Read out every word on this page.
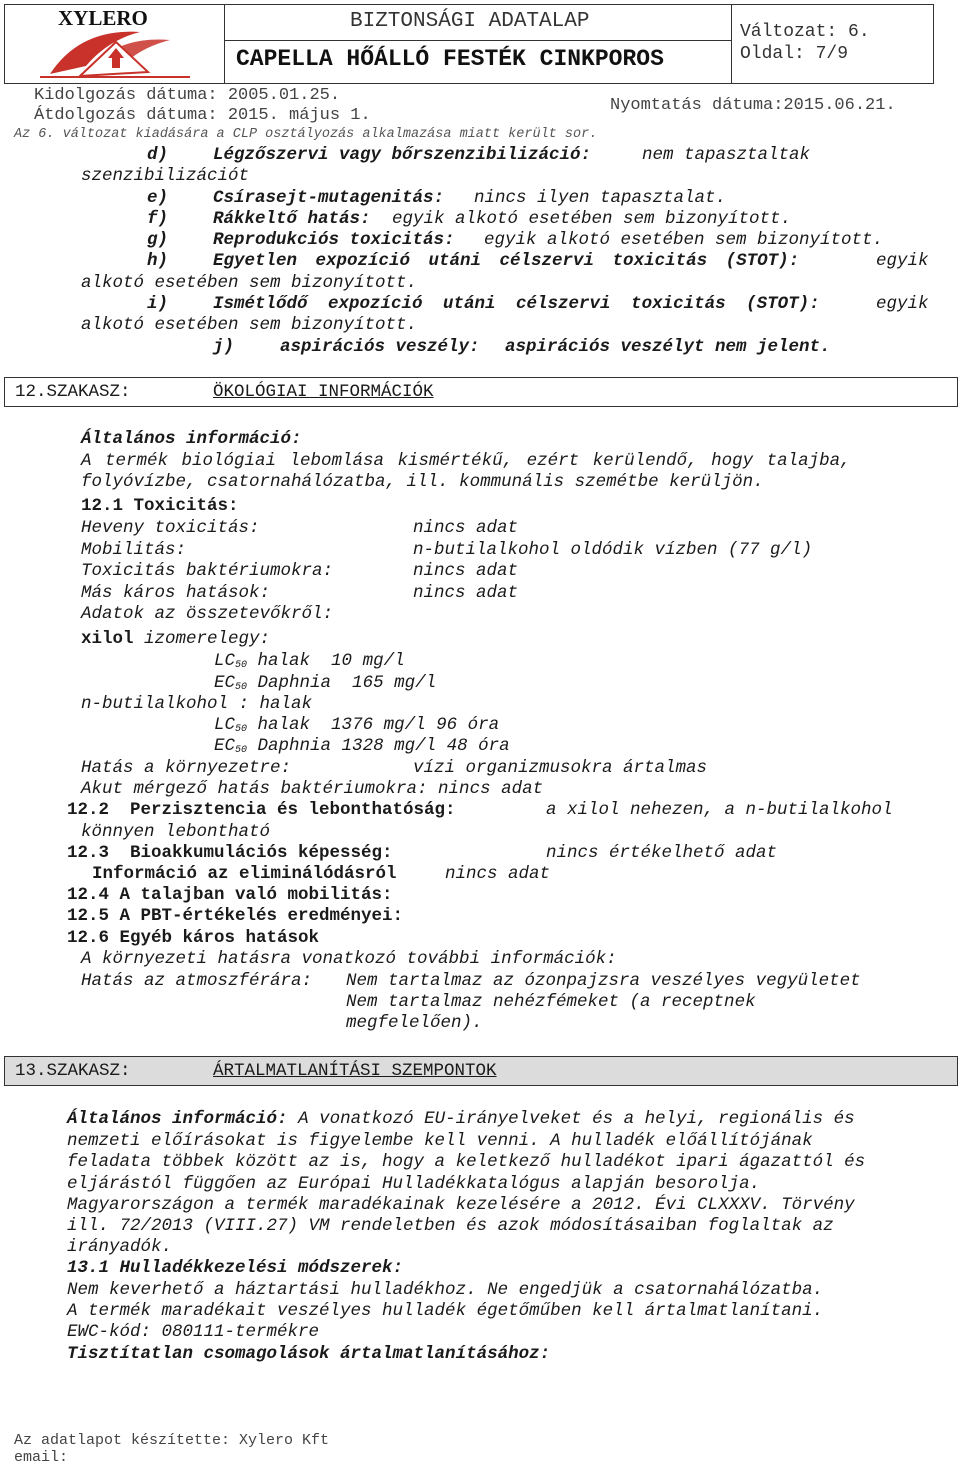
XYLERO	BIZTONSÁGI ADATALAP
CAPELLA HŐÁLLÓ FESTÉK CINKPOROS
Változat: 6.
Oldal: 7/9
Kidolgozás dátuma: 2005.01.25.
Átdolgozás dátuma: 2015. május 1.
Nyomtatás dátuma:2015.06.21.
Az 6. változat kiadására a CLP osztályozás alkalmazása miatt került sor.

d)

	Légzőszervi vagy bőrszenzibilizáció:

	nem tapasztaltak

szenzibilizációt

e)

	Csírasejt-mutagenitás:

nincs ilyen tapasztalat.

f)

	Rákkeltő hatás:

egyik alkotó esetében sem bizonyított.

g)

	Reprodukciós toxicitás:

egyik alkotó esetében sem bizonyított.

h)

	Egyetlen expozíció utáni célszervi toxicitás (STOT):

	egyik

alkotó esetében sem bizonyított.

i)

	Ismétlődő expozíció utáni célszervi toxicitás (STOT):

	egyik

alkotó esetében sem bizonyított.

j)

	aspirációs veszély:

aspirációs veszélyt nem jelent.

12.SZAKASZ:	ÖKOLÓGIAI INFORMÁCIÓK
Általános információ:
A termék biológiai lebomlása kismértékű, ezért kerülendő, hogy talajba,
folyóvízbe, csatornahálózatba, ill. kommunális szemétbe kerüljön.
12.1 Toxicitás:
Heveny toxicitás:	nincs adat
Mobilitás:	n-butilalkohol oldódik vízben (77 g/l)
Toxicitás baktériumokra:	nincs adat
Más káros hatások:	nincs adat
Adatok az összetevőkről:
xilol izomerelegy:
$LC_{50}$ halak  10 mg/l
$EC_{50}$ Daphnia  165 mg/l
n-butilalkohol : halak
$LC_{50}$ halak  1376 mg/l 96 óra
$EC_{50}$ Daphnia 1328 mg/l 48 óra
Hatás a környezetre:	vízi organizmusokra ártalmas
Akut mérgező hatás baktériumokra: nincs adat
12.2  Perzisztencia és lebonthatóság:	a xilol nehezen, a n-butilalkohol
könnyen lebontható
12.3  Bioakkumulációs képesség:	nincs értékelhető adat
Információ az eliminálódásról	nincs adat
12.4 A talajban való mobilitás:
12.5 A PBT-értékelés eredményei:
12.6 Egyéb káros hatások
A környezeti hatásra vonatkozó további információk:
Hatás az atmoszférára: Nem tartalmaz az ózonpajzsra veszélyes vegyületet
Nem tartalmaz nehézfémeket (a receptnek
megfelelően).
13.SZAKASZ:	ÁRTALMATLANÍTÁSI SZEMPONTOK
Általános információ: A vonatkozó EU-irányelveket és a helyi, regionális és
nemzeti előírásokat is figyelembe kell venni. A hulladék előállítójának
feladata többek között az is, hogy a keletkező hulladékot ipari ágazattól és
eljárástól függően az Európai Hulladékkatalógus alapján besorolja.
Magyarországon a termék maradékainak kezelésére a 2012. Évi CLXXXV. Törvény
ill. 72/2013 (VIII.27) VM rendeletben és azok módosításaiban foglaltak az
irányadók.
13.1 Hulladékkezelési módszerek:
Nem keverhető a háztartási hulladékhoz. Ne engedjük a csatornahálózatba.
A termék maradékait veszélyes hulladék égetőműben kell ártalmatlanítani.
EWC-kód: 080111-termékre
Tisztítatlan csomagolások ártalmatlanításához:
Az adatlapot készítette: Xylero Kft
email:
